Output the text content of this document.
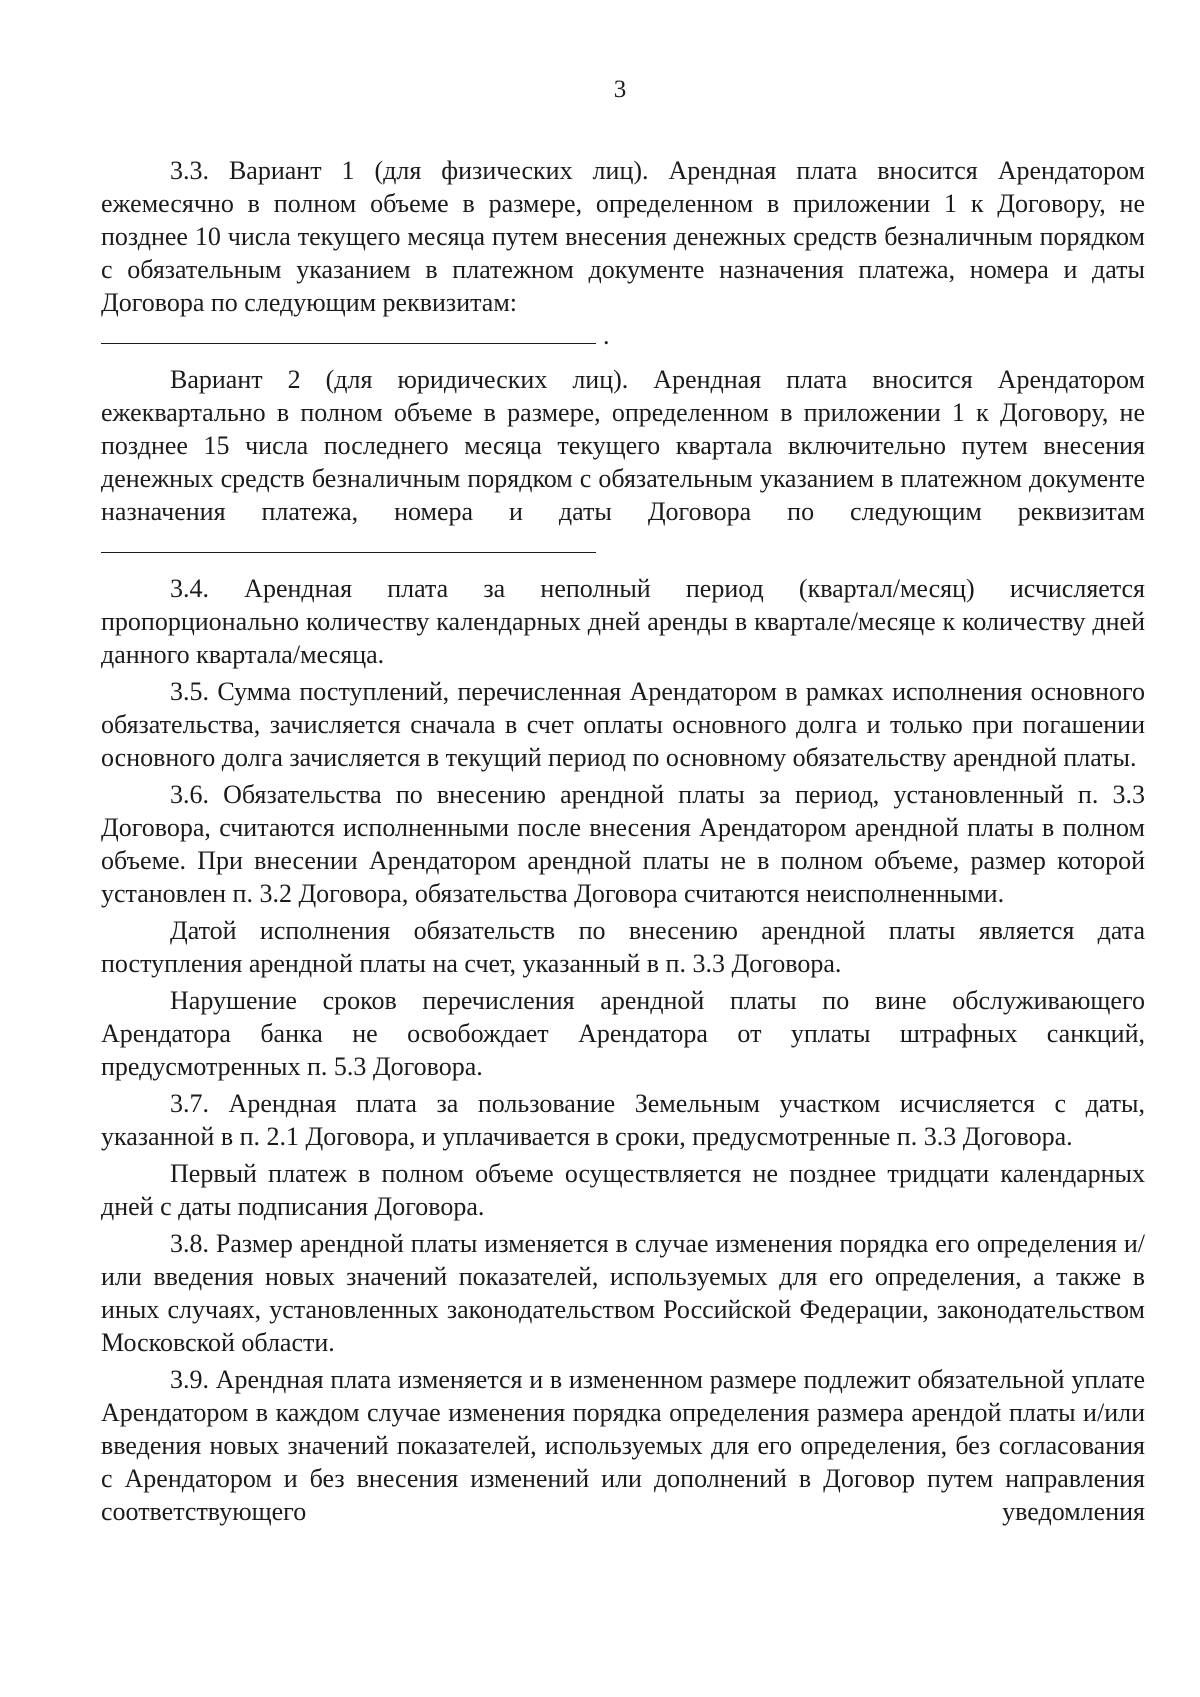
3

3.3. Вариант 1 (для физических лиц). Арендная плата вносится Арендатором ежемесячно в полном объеме в размере, определенном в приложении 1 к Договору, не позднее 10 числа текущего месяца путем внесения денежных средств безналичным порядком с обязательным указанием в платежном документе назначения платежа, номера и даты Договора по следующим реквизитам:

.

Вариант 2 (для юридических лиц). Арендная плата вносится Арендатором ежеквартально в полном объеме в размере, определенном в приложении 1 к Договору, не позднее 15 числа последнего месяца текущего квартала включительно путем внесения денежных средств безналичным порядком с обязательным указанием в платежном документе назначения платежа, номера и даты Договора по следующим реквизитам

3.4. Арендная плата за неполный период (квартал/месяц) исчисляется пропорционально количеству календарных дней аренды в квартале/месяце к количеству дней данного квартала/месяца.

3.5. Сумма поступлений, перечисленная Арендатором в рамках исполнения основного обязательства, зачисляется сначала в счет оплаты основного долга и только при погашении основного долга зачисляется в текущий период по основному обязательству арендной платы.

3.6. Обязательства по внесению арендной платы за период, установленный п. 3.3 Договора, считаются исполненными после внесения Арендатором арендной платы в полном объеме. При внесении Арендатором арендной платы не в полном объеме, размер которой установлен п. 3.2 Договора, обязательства Договора считаются неисполненными.

Датой исполнения обязательств по внесению арендной платы является дата поступления арендной платы на счет, указанный в п. 3.3 Договора.

Нарушение сроков перечисления арендной платы по вине обслуживающего Арендатора банка не освобождает Арендатора от уплаты штрафных санкций, предусмотренных п. 5.3 Договора.

3.7. Арендная плата за пользование Земельным участком исчисляется с даты, указанной в п. 2.1 Договора, и уплачивается в сроки, предусмотренные п. 3.3 Договора.

Первый платеж в полном объеме осуществляется не позднее тридцати календарных дней с даты подписания Договора.

3.8. Размер арендной платы изменяется в случае изменения порядка его определения и/или введения новых значений показателей, используемых для его определения, а также в иных случаях, установленных законодательством Российской Федерации, законодательством Московской области.

3.9. Арендная плата изменяется и в измененном размере подлежит обязательной уплате Арендатором в каждом случае изменения порядка определения размера арендой платы и/или введения новых значений показателей, используемых для его определения, без согласования с Арендатором и без внесения изменений или дополнений в Договор путем направления соответствующего уведомления
